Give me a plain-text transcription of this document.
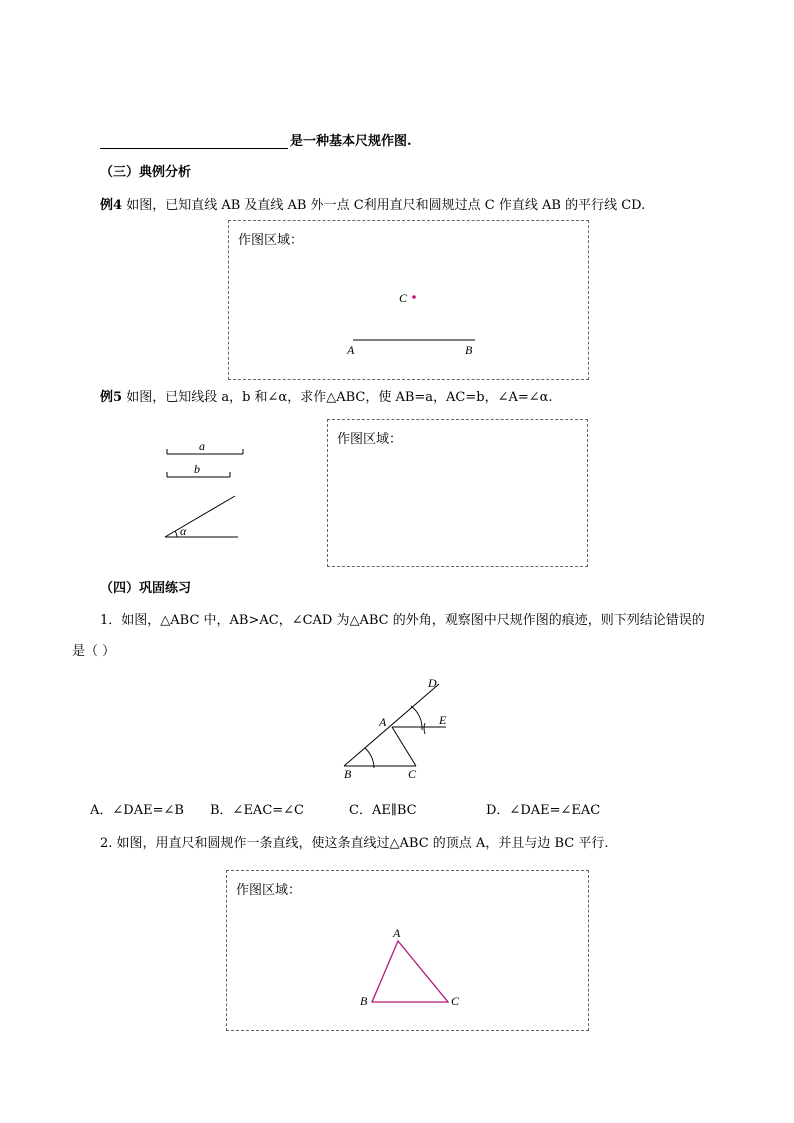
是一种基本尺规作图.
（三）典例分析
例4 如图，已知直线 AB 及直线 AB 外一点 C利用直尺和圆规过点 C 作直线 AB 的平行线 CD.
作图区域：
C
A	B
例5 如图，已知线段 a，b 和∠α，求作△ABC，使 AB=a，AC=b，∠A=∠α.
a
b
α
作图区域：
（四）巩固练习
1．如图，△ABC 中，AB>AC，∠CAD 为△ABC 的外角，观察图中尺规作图的痕迹，则下列结论错误的
是（ ）
D
A	E
B	C
A．∠DAE=∠B B．∠EAC=∠C	C．AE∥BC	D．∠DAE=∠EAC
2. 如图，用直尺和圆规作一条直线，使这条直线过△ABC 的顶点 A，并且与边 BC 平行.
作图区域：
A
B	C
